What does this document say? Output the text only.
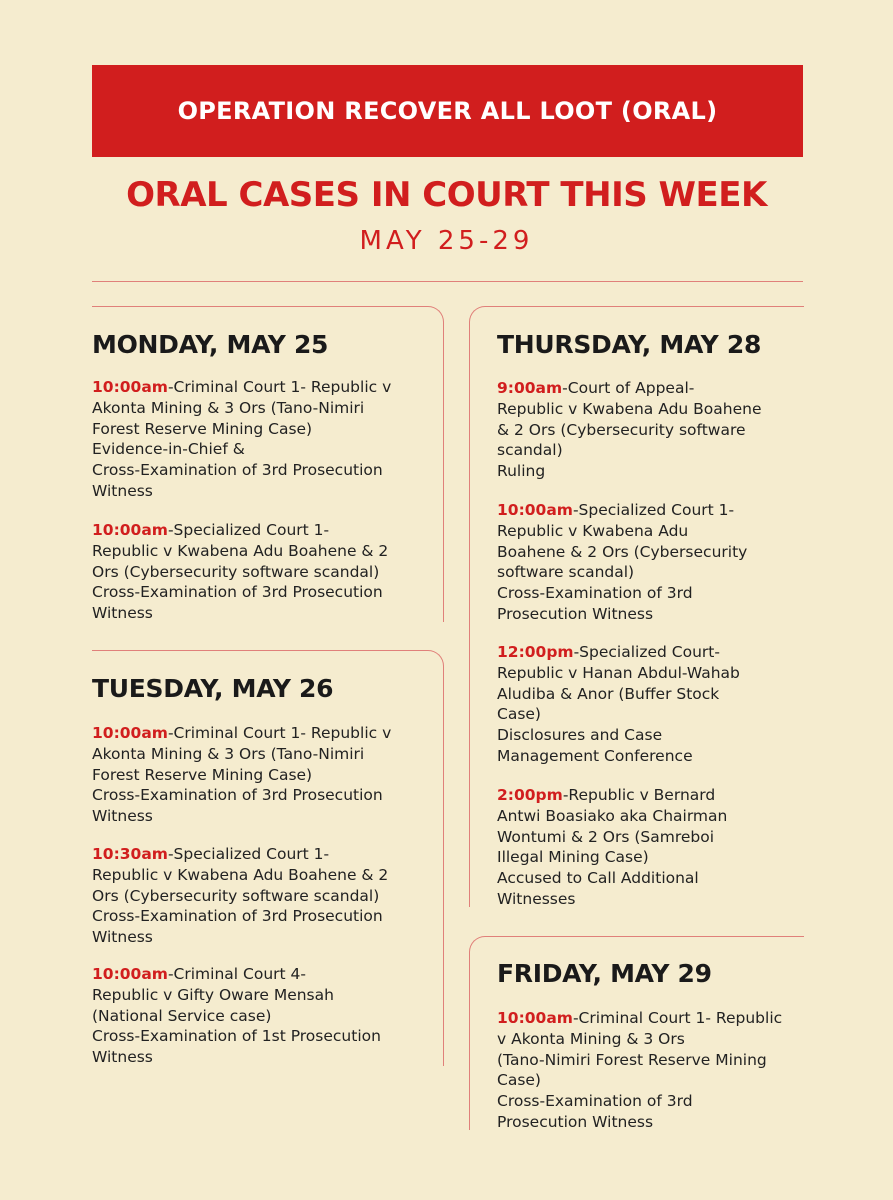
OPERATION RECOVER ALL LOOT (ORAL)
ORAL CASES IN COURT THIS WEEK
MAY 25-29
MONDAY, MAY 25
10:00am-Criminal Court 1- Republic v
Akonta Mining & 3 Ors (Tano-Nimiri
Forest Reserve Mining Case)
Evidence-in-Chief &
Cross-Examination of 3rd Prosecution
Witness
10:00am-Specialized Court 1-
Republic v Kwabena Adu Boahene & 2
Ors (Cybersecurity software scandal)
Cross-Examination of 3rd Prosecution
Witness
TUESDAY, MAY 26
10:00am-Criminal Court 1- Republic v
Akonta Mining & 3 Ors (Tano-Nimiri
Forest Reserve Mining Case)
Cross-Examination of 3rd Prosecution
Witness
10:30am-Specialized Court 1-
Republic v Kwabena Adu Boahene & 2
Ors (Cybersecurity software scandal)
Cross-Examination of 3rd Prosecution
Witness
10:00am-Criminal Court 4-
Republic v Gifty Oware Mensah
(National Service case)
Cross-Examination of 1st Prosecution
Witness
THURSDAY, MAY 28
9:00am-Court of Appeal-
Republic v Kwabena Adu Boahene
& 2 Ors (Cybersecurity software
scandal)
Ruling
10:00am-Specialized Court 1-
Republic v Kwabena Adu
Boahene & 2 Ors (Cybersecurity
software scandal)
Cross-Examination of 3rd
Prosecution Witness
12:00pm-Specialized Court-
Republic v Hanan Abdul-Wahab
Aludiba & Anor (Buffer Stock
Case)
Disclosures and Case
Management Conference
2:00pm-Republic v Bernard
Antwi Boasiako aka Chairman
Wontumi & 2 Ors (Samreboi
Illegal Mining Case)
Accused to Call Additional
Witnesses
FRIDAY, MAY 29
10:00am-Criminal Court 1- Republic
v Akonta Mining & 3 Ors
(Tano-Nimiri Forest Reserve Mining
Case)
Cross-Examination of 3rd
Prosecution Witness
